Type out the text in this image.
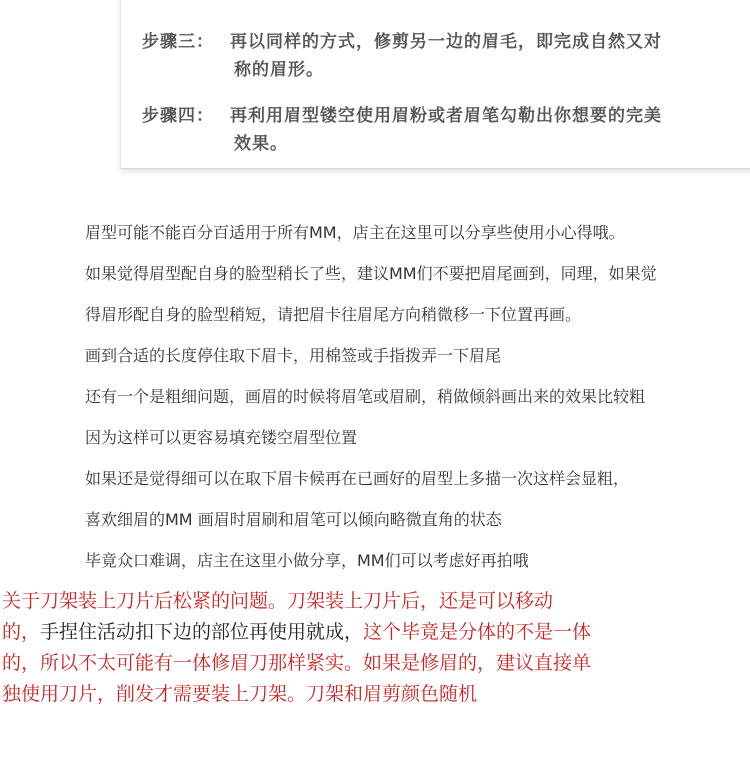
步骤三： 再以同样的方式，修剪另一边的眉毛，即完成自然又对
称的眉形。
步骤四： 再利用眉型镂空使用眉粉或者眉笔勾勒出你想要的完美
效果。
眉型可能不能百分百适用于所有MM，店主在这里可以分享些使用小心得哦。
如果觉得眉型配自身的脸型稍长了些，建议MM们不要把眉尾画到，同理，如果觉
得眉形配自身的脸型稍短，请把眉卡往眉尾方向稍微移一下位置再画。
画到合适的长度停住取下眉卡，用棉签或手指拨弄一下眉尾
还有一个是粗细问题，画眉的时候将眉笔或眉刷，稍做倾斜画出来的效果比较粗
因为这样可以更容易填充镂空眉型位置
如果还是觉得细可以在取下眉卡候再在已画好的眉型上多描一次这样会显粗，
喜欢细眉的MM 画眉时眉刷和眉笔可以倾向略微直角的状态
毕竟众口难调，店主在这里小做分享，MM们可以考虑好再拍哦
关于刀架装上刀片后松紧的问题。刀架装上刀片后，还是可以移动
的，手捏住活动扣下边的部位再使用就成，这个毕竟是分体的不是一体
的，所以不太可能有一体修眉刀那样紧实。如果是修眉的，建议直接单
独使用刀片，削发才需要装上刀架。刀架和眉剪颜色随机
